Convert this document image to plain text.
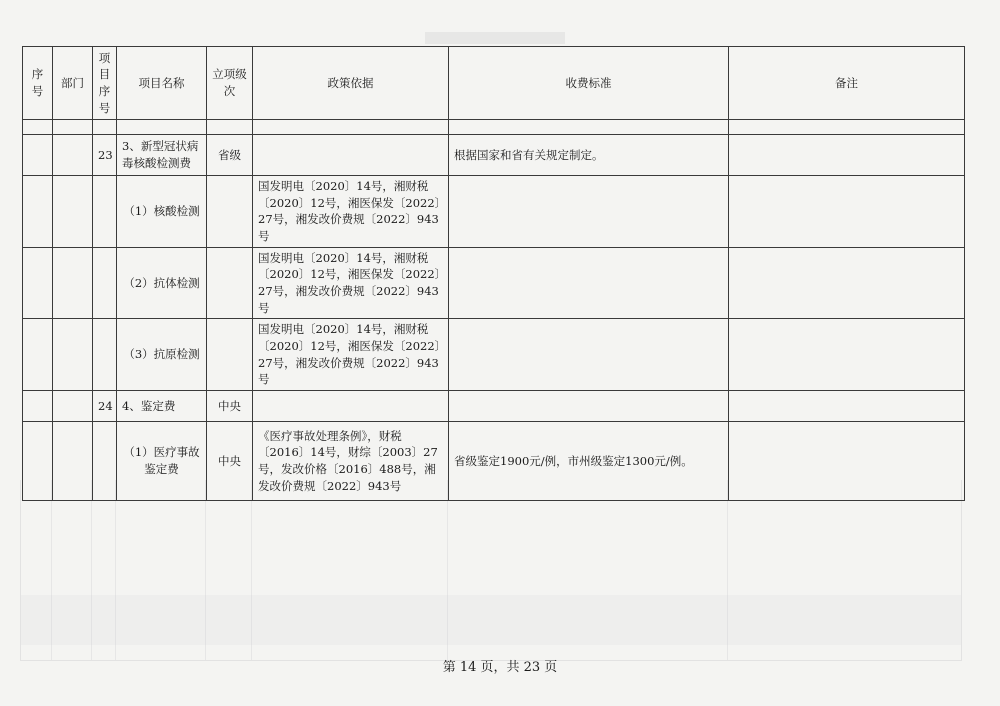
序号	部门	项目序号	项目名称	立项级次	政策依据	收费标准	备注

		23	3、新型冠状病毒核酸检测费	省级		根据国家和省有关规定制定。	
			（1）核酸检测		国发明电〔2020〕14号，湘财税〔2020〕12号，湘医保发〔2022〕27号，湘发改价费规〔2022〕943号		
			（2）抗体检测		国发明电〔2020〕14号，湘财税〔2020〕12号，湘医保发〔2022〕27号，湘发改价费规〔2022〕943号		
			（3）抗原检测		国发明电〔2020〕14号，湘财税〔2020〕12号，湘医保发〔2022〕27号，湘发改价费规〔2022〕943号		
		24	4、鉴定费	中央			
			（1）医疗事故鉴定费	中央	《医疗事故处理条例》，财税〔2016〕14号，财综〔2003〕27号，发改价格〔2016〕488号，湘发改价费规〔2022〕943号	省级鉴定1900元/例，市州级鉴定1300元/例。	
第 14 页，共 23 页
